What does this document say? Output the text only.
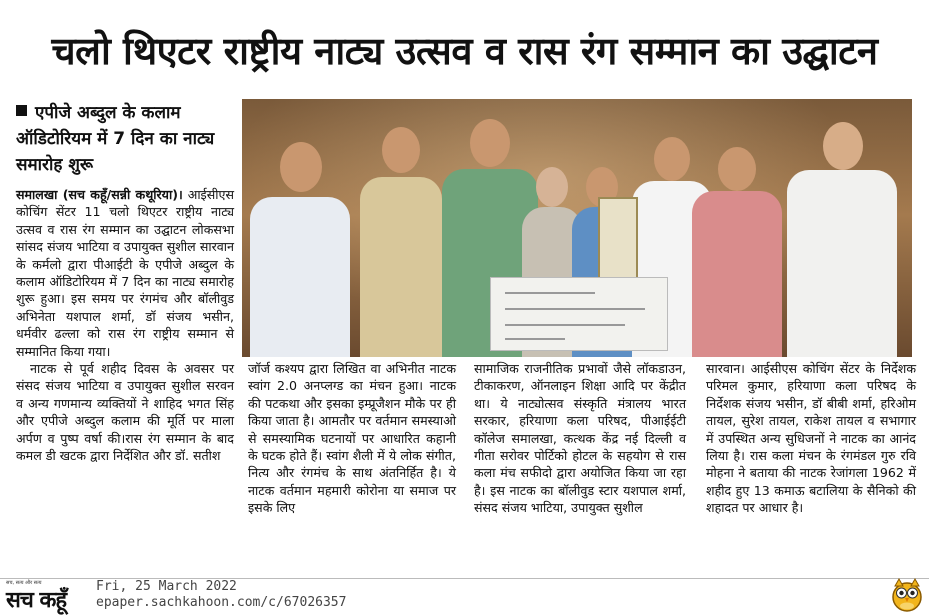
चलो थिएटर राष्ट्रीय नाट्य उत्सव व रास रंग सम्मान का उद्घाटन
एपीजे अब्दुल के कलाम ऑडिटोरियम में 7 दिन का नाट्य समारोह शुरू

समालखा (सच कहूँ/सन्नी कथूरिया)। आईसीएस कोचिंग सेंटर 11 चलो थिएटर राष्ट्रीय नाट्य उत्सव व रास रंग सम्मान का उद्घाटन लोकसभा सांसद संजय भाटिया व उपायुक्त सुशील सारवान के कर्मलो द्वारा पीआईटी के एपीजे अब्दुल के कलाम ऑडिटोरियम में 7 दिन का नाट्य समारोह शुरू हुआ। इस समय पर रंगमंच और बॉलीवुड अभिनेता यशपाल शर्मा, डॉ संजय भसीन, धर्मवीर ढल्ला को रास रंग राष्ट्रीय सम्मान से सम्मानित किया गया।

नाटक से पूर्व शहीद दिवस के अवसर पर संसद संजय भाटिया व उपायुक्त सुशील सरवन व अन्य गणमान्य व्यक्तियों ने शाहिद भगत सिंह और एपीजे अब्दुल कलाम की मूर्ति पर माला अर्पण व पुष्प वर्षा की।रास रंग सम्मान के बाद कमल डी खटक द्वारा निर्देशित और डॉ. सतीश

जॉर्ज कश्यप द्वारा लिखित वा अभिनीत नाटक स्वांग 2.0 अनप्लग्ड का मंचन हुआ। नाटक की पटकथा और इसका इम्प्रूजैशन मौके पर ही किया जाता है। आमतौर पर वर्तमान समस्याओ से समस्यामिक घटनायों पर आधारित कहानी के घटक होते हैं। स्वांग शैली में ये लोक संगीत, नित्य और रंगमंच के साथ अंतनिर्हित है। ये नाटक वर्तमान महमारी कोरोना या समाज पर इसके लिए

सामाजिक राजनीतिक प्रभावों जैसे लॉकडाउन, टीकाकरण, ऑनलाइन शिक्षा आदि पर केंद्रीत था। ये नाट्योत्सव संस्कृति मंत्रालय भारत सरकार, हरियाणा कला परिषद, पीआईईटी कॉलेज समालखा, कत्थक केंद्र नई दिल्ली व गीता सरोवर पोर्टिको होटल के सहयोग से रास कला मंच सफीदो द्वारा अयोजित किया जा रहा है। इस नाटक का बॉलीवुड स्टार यशपाल शर्मा, संसद संजय भाटिया, उपायुक्त सुशील

सारवान। आईसीएस कोचिंग सेंटर के निर्देशक परिमल कुमार, हरियाणा कला परिषद के निर्देशक संजय भसीन, डॉ बीबी शर्मा, हरिओम तायल, सुरेश तायल, राकेश तायल व सभागार में उपस्थित अन्य सुधिजनों ने नाटक का आनंद लिया है। रास कला मंचन के रंगमंडल गुरु रवि मोहना ने बताया की नाटक रेजांगला 1962 में शहीद हुए 13 कमाऊ बटालिया के सैनिको की शहादत पर आधार है।

सच, सत्य और सत्य
सच कहूँ
Fri, 25 March 2022
epaper.sachkahoon.com/c/67026357
